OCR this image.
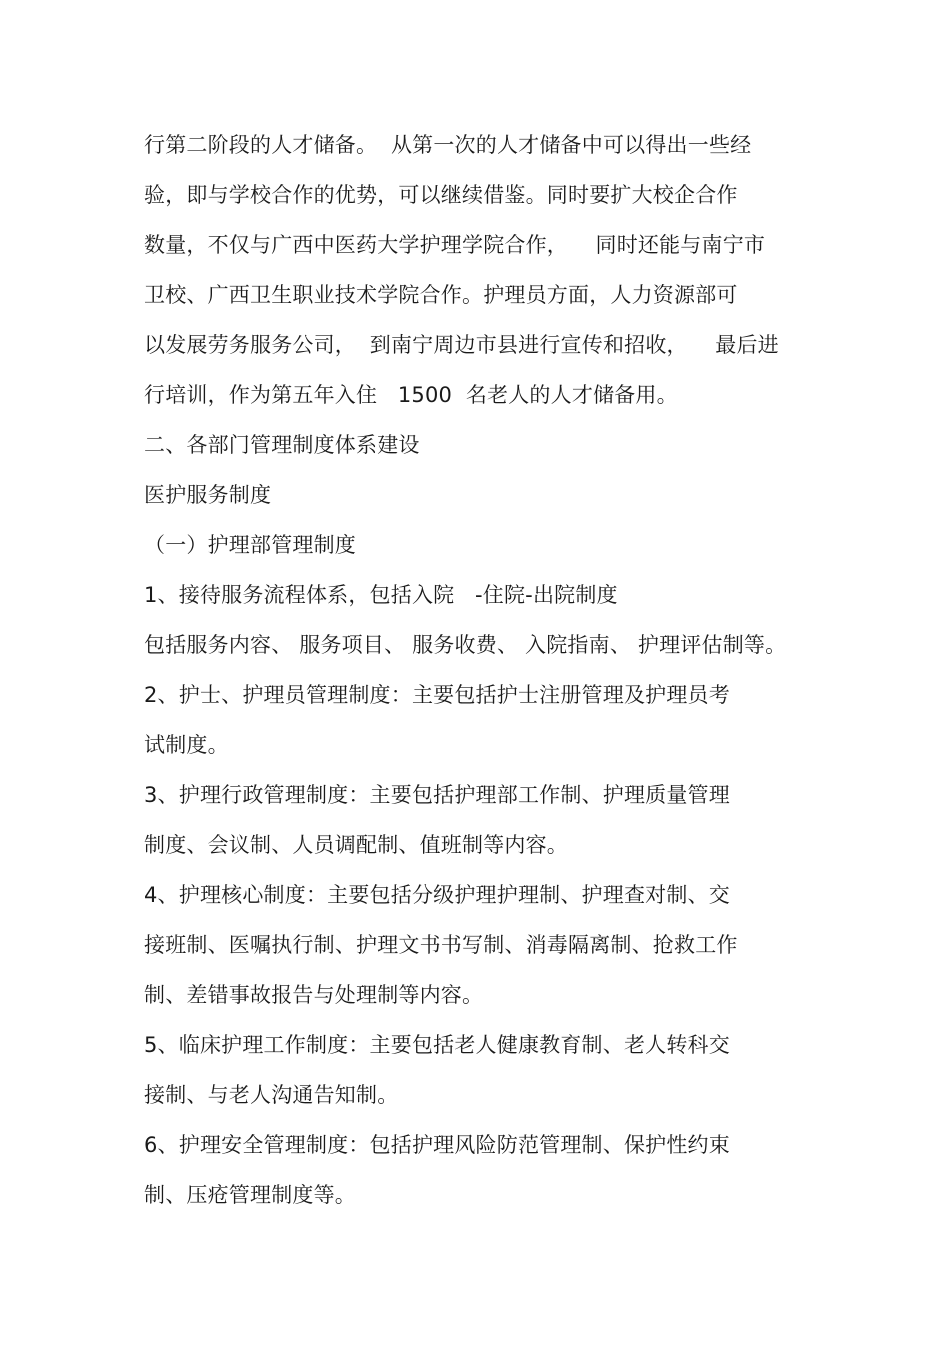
行第二阶段的人才储备。  从第一次的人才储备中可以得出一些经
验，即与学校合作的优势，可以继续借鉴。同时要扩大校企合作
数量，不仅与广西中医药大学护理学院合作，    同时还能与南宁市
卫校、广西卫生职业技术学院合作。护理员方面，人力资源部可
以发展劳务服务公司，  到南宁周边市县进行宣传和招收，    最后进
行培训，作为第五年入住   1500  名老人的人才储备用。
二、各部门管理制度体系建设
医护服务制度
（一）护理部管理制度
1、接待服务流程体系，包括入院   -住院-出院制度
包括服务内容、 服务项目、 服务收费、 入院指南、 护理评估制等。
2、护士、护理员管理制度：主要包括护士注册管理及护理员考
试制度。
3、护理行政管理制度：主要包括护理部工作制、护理质量管理
制度、会议制、人员调配制、值班制等内容。
4、护理核心制度：主要包括分级护理护理制、护理查对制、交
接班制、医嘱执行制、护理文书书写制、消毒隔离制、抢救工作
制、差错事故报告与处理制等内容。
5、临床护理工作制度：主要包括老人健康教育制、老人转科交
接制、与老人沟通告知制。
6、护理安全管理制度：包括护理风险防范管理制、保护性约束
制、压疮管理制度等。
